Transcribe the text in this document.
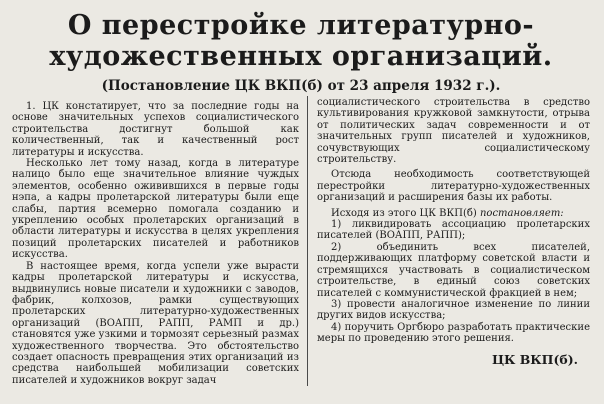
О перестройке литературно-
художественных организаций.
(Постановление ЦК ВКП(б) от 23 апреля 1932 г.).

1. ЦК констатирует, что за последние годы на основе значительных успехов социалистического строительства достигнут большой как количественный, так и качественный рост литературы и искусства.

Несколько лет тому назад, когда в литературе налицо было еще значительное влияние чуждых элементов, особенно оживившихся в первые годы нэпа, а кадры пролетарской литературы были еще слабы, партия всемерно помогала созданию и укреплению особых пролетарских организаций в области литературы и искусства в целях укрепления позиций пролетарских писателей и работников искусства.

В настоящее время, когда успели уже вырасти кадры пролетарской литературы и искусства, выдвинулись новые писатели и художники с заводов, фабрик, колхозов, рамки существующих пролетарских литературно-художественных организаций (ВОАПП, РАПП, РАМП и др.) становятся уже узкими и тормозят серьезный размах художественного творчества. Это обстоятельство создает опасность превращения этих организаций из средства наибольшей мобилизации советских писателей и художников вокруг задач

социалистического строительства в средство культивирования кружковой замкнутости, отрыва от политических задач современности и от значительных групп писателей и художников, сочувствующих социалистическому строительству.

Отсюда необходимость соответствующей перестройки литературно-художественных организаций и расширения базы их работы.

Исходя из этого ЦК ВКП(б) постановляет:

1) ликвидировать ассоциацию пролетарских писателей (ВОАПП, РАПП);

2) объединить всех писателей, поддерживающих платформу советской власти и стремящихся участвовать в социалистическом строительстве, в единый союз советских писателей с коммунистической фракцией в нем;

3) провести аналогичное изменение по линии других видов искусства;

4) поручить Оргбюро разработать практические меры по проведению этого решения.

ЦК ВКП(б).
